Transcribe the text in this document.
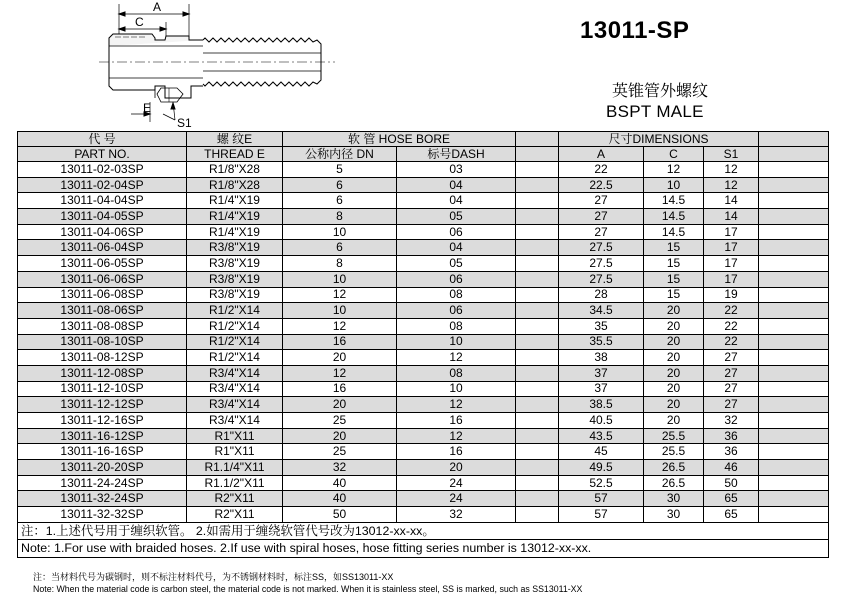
A
C
E
S1
13011-SP
英锥管外螺纹
BSPT MALE
代 号	螺 纹E	软 管 HOSE BORE			尺寸DIMENSIONS			
PART NO.	THREAD E	公称内径 DN	标号DASH		A	C	S1	
13011-02-03SP	R1/8"X28	5	03		22	12	12	
13011-02-04SP	R1/8"X28	6	04		22.5	10	12	
13011-04-04SP	R1/4"X19	6	04		27	14.5	14	
13011-04-05SP	R1/4"X19	8	05		27	14.5	14	
13011-04-06SP	R1/4"X19	10	06		27	14.5	17	
13011-06-04SP	R3/8"X19	6	04		27.5	15	17	
13011-06-05SP	R3/8"X19	8	05		27.5	15	17	
13011-06-06SP	R3/8"X19	10	06		27.5	15	17	
13011-06-08SP	R3/8"X19	12	08		28	15	19	
13011-08-06SP	R1/2"X14	10	06		34.5	20	22	
13011-08-08SP	R1/2"X14	12	08		35	20	22	
13011-08-10SP	R1/2"X14	16	10		35.5	20	22	
13011-08-12SP	R1/2"X14	20	12		38	20	27	
13011-12-08SP	R3/4"X14	12	08		37	20	27	
13011-12-10SP	R3/4"X14	16	10		37	20	27	
13011-12-12SP	R3/4"X14	20	12		38.5	20	27	
13011-12-16SP	R3/4"X14	25	16		40.5	20	32	
13011-16-12SP	R1"X11	20	12		43.5	25.5	36	
13011-16-16SP	R1"X11	25	16		45	25.5	36	
13011-20-20SP	R1.1/4"X11	32	20		49.5	26.5	46	
13011-24-24SP	R1.1/2"X11	40	24		52.5	26.5	50	
13011-32-24SP	R2"X11	40	24		57	30	65	
13011-32-32SP	R2"X11	50	32		57	30	65	
注：1.上述代号用于缠织软管。 2.如需用于缠绕软管代号改为13012-xx-xx。								
Note: 1.For use with braided hoses. 2.If use with spiral hoses, hose fitting series number is 13012-xx-xx.								
注：当材料代号为碳钢时，则不标注材料代号，为不锈钢材料时，标注SS，如SS13011-XX
Note: When the material code is carbon steel, the material code is not marked. When it is stainless steel, SS is marked, such as SS13011-XX
